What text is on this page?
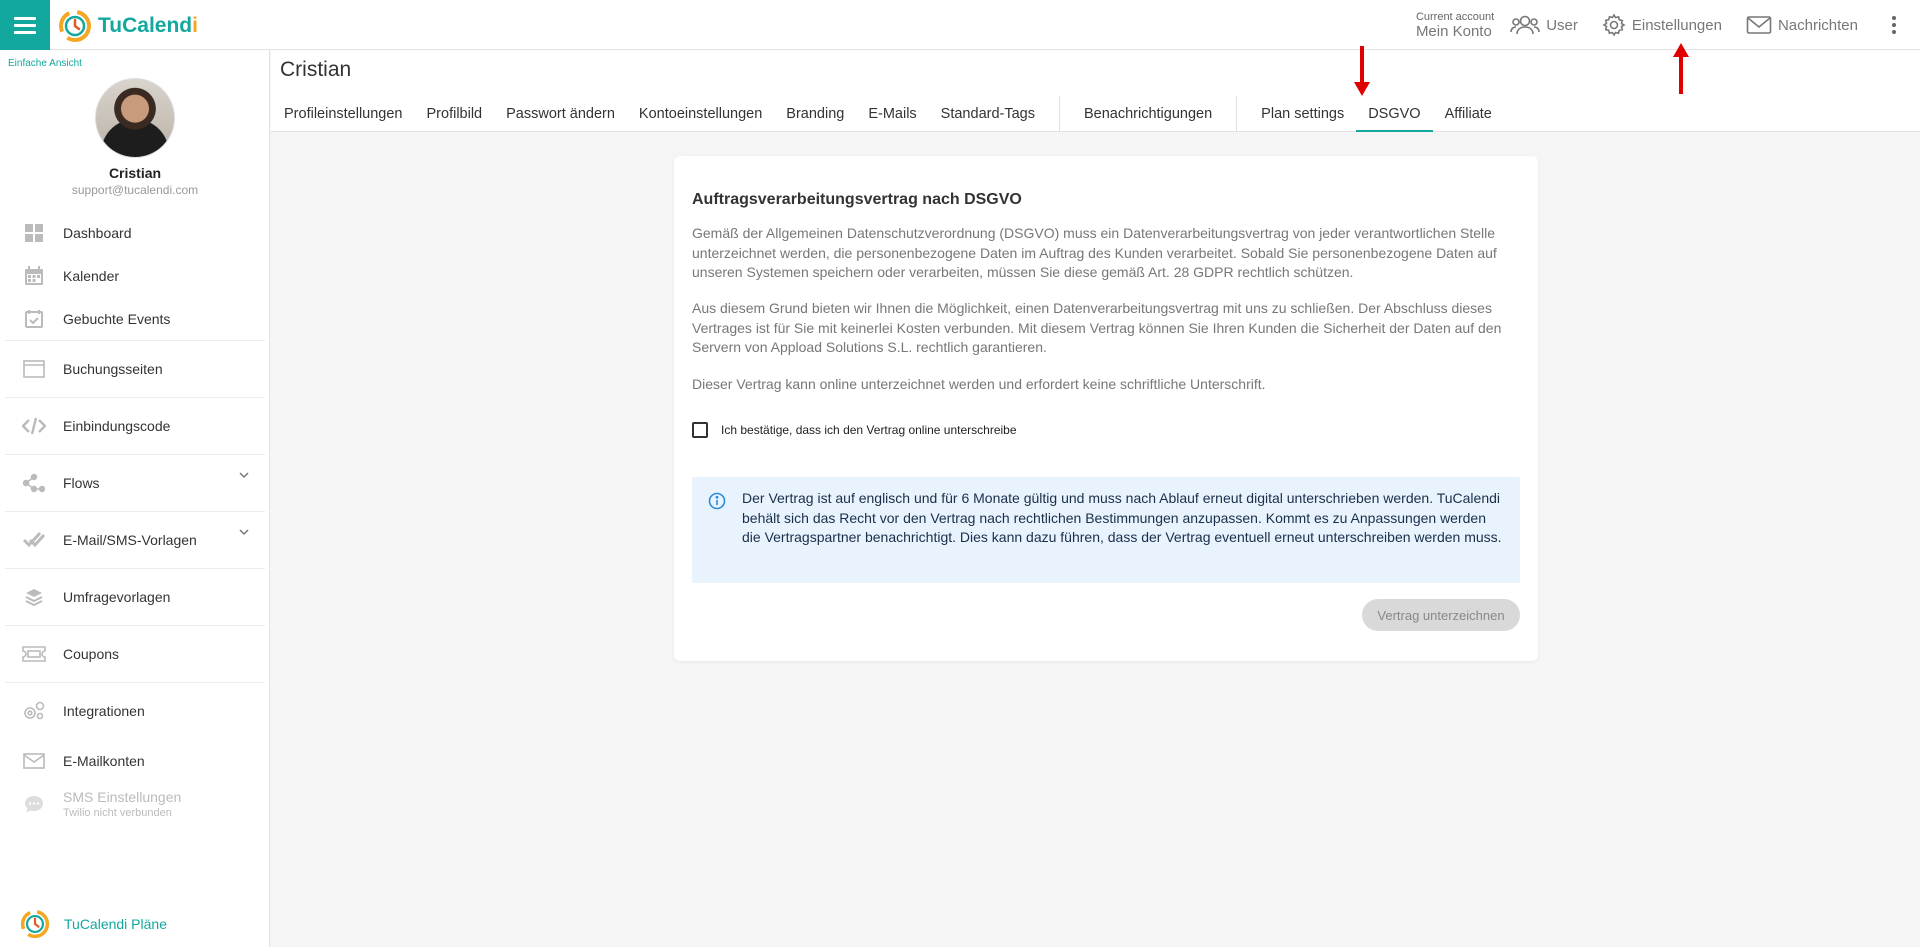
TuCalendi	Current account
Mein Konto	User	Einstellungen	Nachrichten
Einfache Ansicht
Cristian
support@tucalendi.com
Dashboard
Kalender
Gebuchte Events
Buchungsseiten
Einbindungscode
Flows
E-Mail/SMS-Vorlagen
Umfragevorlagen
Coupons
Integrationen
E-Mailkonten
SMS Einstellungen
Twilio nicht verbunden
TuCalendi Pläne
Cristian
Profileinstellungen	Profilbild	Passwort ändern	Kontoeinstellungen	Branding	E-Mails	Standard-Tags	Benachrichtigungen	Plan settings	DSGVO	Affiliate
Auftragsverarbeitungsvertrag nach DSGVO

Gemäß der Allgemeinen Datenschutzverordnung (DSGVO) muss ein Datenverarbeitungsvertrag von jeder verantwortlichen Stelle unterzeichnet werden, die personenbezogene Daten im Auftrag des Kunden verarbeitet. Sobald Sie personenbezogene Daten auf unseren Systemen speichern oder verarbeiten, müssen Sie diese gemäß Art. 28 GDPR rechtlich schützen.

Aus diesem Grund bieten wir Ihnen die Möglichkeit, einen Datenverarbeitungsvertrag mit uns zu schließen. Der Abschluss dieses Vertrages ist für Sie mit keinerlei Kosten verbunden. Mit diesem Vertrag können Sie Ihren Kunden die Sicherheit der Daten auf den Servern von Appload Solutions S.L. rechtlich garantieren.

Dieser Vertrag kann online unterzeichnet werden und erfordert keine schriftliche Unterschrift.

Ich bestätige, dass ich den Vertrag online unterschreibe
Der Vertrag ist auf englisch und für 6 Monate gültig und muss nach Ablauf erneut digital unterschrieben werden. TuCalendi behält sich das Recht vor den Vertrag nach rechtlichen Bestimmungen anzupassen. Kommt es zu Anpassungen werden die Vertragspartner benachrichtigt. Dies kann dazu führen, dass der Vertrag eventuell erneut unterschreiben werden muss.
Vertrag unterzeichnen
